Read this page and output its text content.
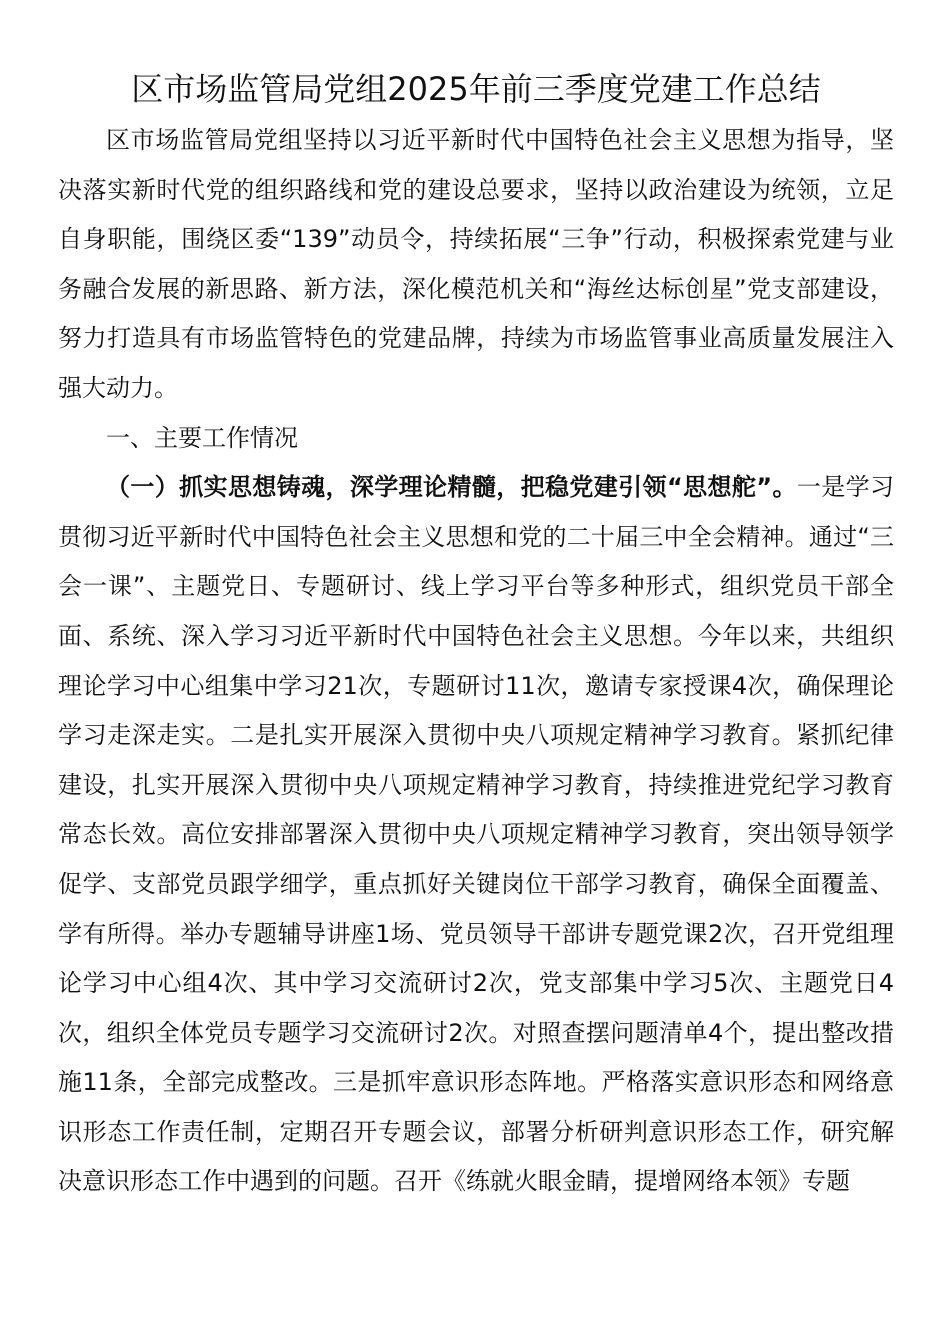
区市场监管局党组2025年前三季度党建工作总结

区市场监管局党组坚持以习近平新时代中国特色社会主义思想为指导，坚决落实新时代党的组织路线和党的建设总要求，坚持以政治建设为统领，立足自身职能，围绕区委“139”动员令，持续拓展“三争”行动，积极探索党建与业务融合发展的新思路、新方法，深化模范机关和“海丝达标创星”党支部建设，努力打造具有市场监管特色的党建品牌，持续为市场监管事业高质量发展注入强大动力。

一、主要工作情况

（一）抓实思想铸魂，深学理论精髓，把稳党建引领“思想舵”。一是学习贯彻习近平新时代中国特色社会主义思想和党的二十届三中全会精神。通过“三会一课”、主题党日、专题研讨、线上学习平台等多种形式，组织党员干部全面、系统、深入学习习近平新时代中国特色社会主义思想。今年以来，共组织理论学习中心组集中学习21次，专题研讨11次，邀请专家授课4次，确保理论学习走深走实。二是扎实开展深入贯彻中央八项规定精神学习教育。紧抓纪律建设，扎实开展深入贯彻中央八项规定精神学习教育，持续推进党纪学习教育常态长效。高位安排部署深入贯彻中央八项规定精神学习教育，突出领导领学促学、支部党员跟学细学，重点抓好关键岗位干部学习教育，确保全面覆盖、学有所得。举办专题辅导讲座1场、党员领导干部讲专题党课2次，召开党组理论学习中心组4次、其中学习交流研讨2次，党支部集中学习5次、主题党日4次，组织全体党员专题学习交流研讨2次。对照查摆问题清单4个，提出整改措施11条，全部完成整改。三是抓牢意识形态阵地。严格落实意识形态和网络意识形态工作责任制，定期召开专题会议，部署分析研判意识形态工作，研究解决意识形态工作中遇到的问题。召开《练就火眼金睛，提增网络本领》专题
